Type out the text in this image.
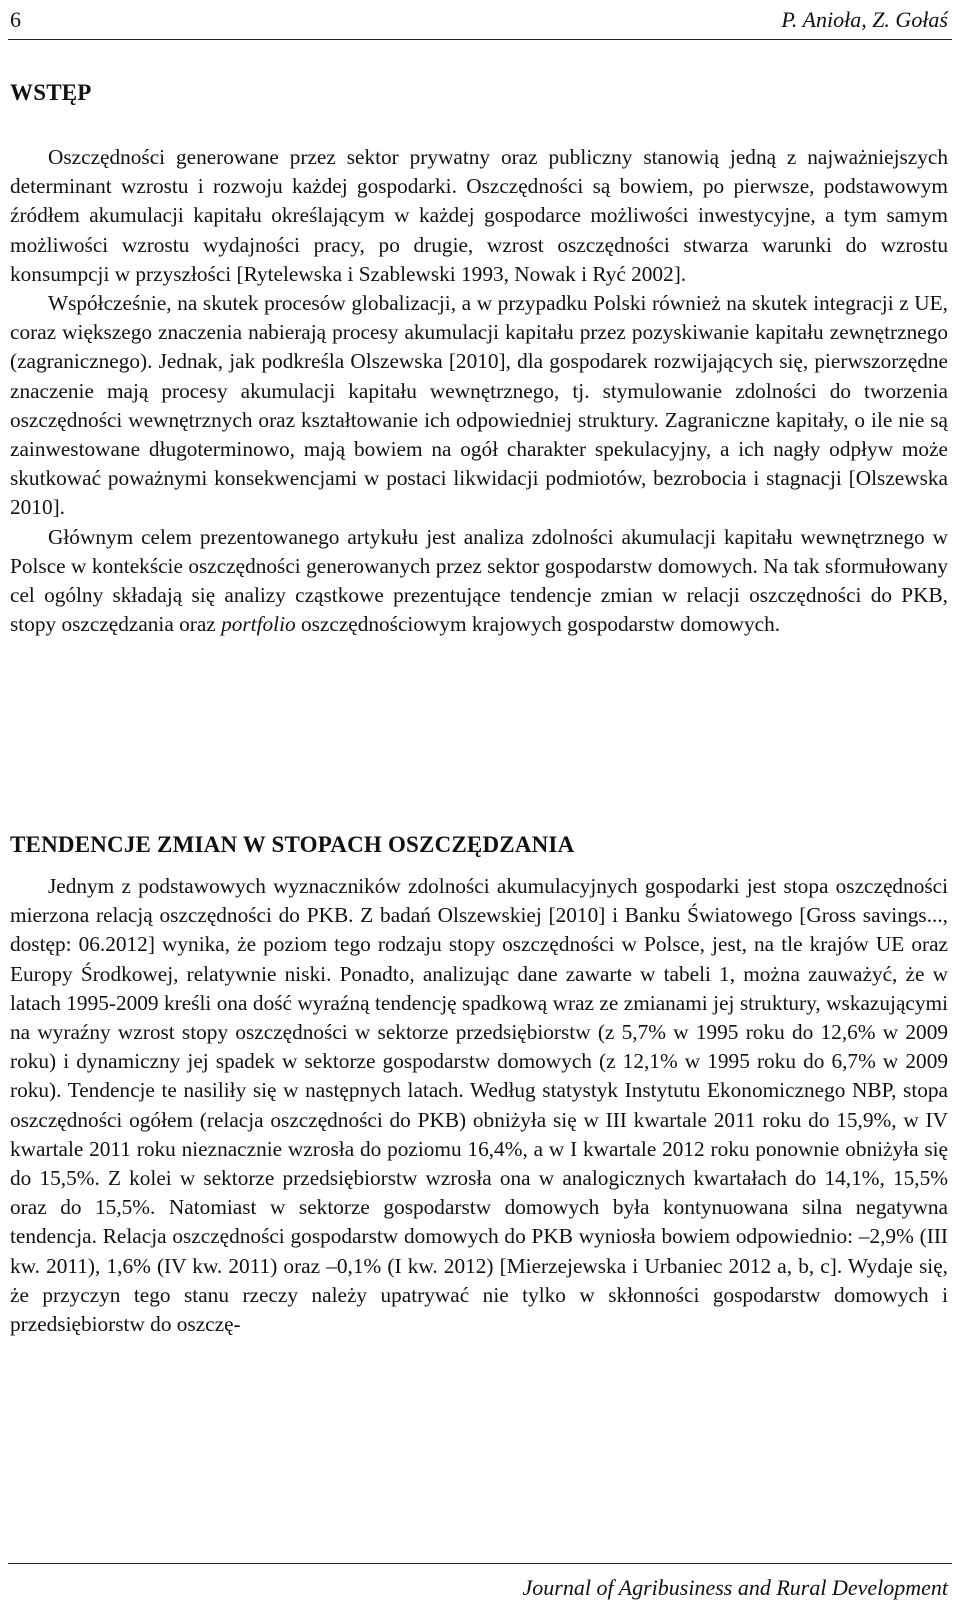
6	P. Anioła, Z. Gołaś
WSTĘP

Oszczędności generowane przez sektor prywatny oraz publiczny stanowią jedną z najważniejszych determinant wzrostu i rozwoju każdej gospodarki. Oszczędności są bowiem, po pierwsze, podstawowym źródłem akumulacji kapitału określającym w każdej gospodarce możliwości inwestycyjne, a tym samym możliwości wzrostu wydajności pracy, po drugie, wzrost oszczędności stwarza warunki do wzrostu konsumpcji w przyszłości [Rytelewska i Szablewski 1993, Nowak i Ryć 2002].

Współcześnie, na skutek procesów globalizacji, a w przypadku Polski również na skutek integracji z UE, coraz większego znaczenia nabierają procesy akumulacji kapitału przez pozyskiwanie kapitału zewnętrznego (zagranicznego). Jednak, jak podkreśla Olszewska [2010], dla gospodarek rozwijających się, pierwszorzędne znaczenie mają procesy akumulacji kapitału wewnętrznego, tj. stymulowanie zdolności do tworzenia oszczędności wewnętrznych oraz kształtowanie ich odpowiedniej struktury. Zagraniczne kapitały, o ile nie są zainwestowane długoterminowo, mają bowiem na ogół charakter spekulacyjny, a ich nagły odpływ może skutkować poważnymi konsekwencjami w postaci likwidacji podmiotów, bezrobocia i stagnacji [Olszewska 2010].

Głównym celem prezentowanego artykułu jest analiza zdolności akumulacji kapitału wewnętrznego w Polsce w kontekście oszczędności generowanych przez sektor gospodarstw domowych. Na tak sformułowany cel ogólny składają się analizy cząstkowe prezentujące tendencje zmian w relacji oszczędności do PKB, stopy oszczędzania oraz portfolio oszczędnościowym krajowych gospodarstw domowych.

TENDENCJE ZMIAN W STOPACH OSZCZĘDZANIA

Jednym z podstawowych wyznaczników zdolności akumulacyjnych gospodarki jest stopa oszczędności mierzona relacją oszczędności do PKB. Z badań Olszewskiej [2010] i Banku Światowego [Gross savings..., dostęp: 06.2012] wynika, że poziom tego rodzaju stopy oszczędności w Polsce, jest, na tle krajów UE oraz Europy Środkowej, relatywnie niski. Ponadto, analizując dane zawarte w tabeli 1, można zauważyć, że w latach 1995-2009 kreśli ona dość wyraźną tendencję spadkową wraz ze zmianami jej struktury, wskazującymi na wyraźny wzrost stopy oszczędności w sektorze przedsiębiorstw (z 5,7% w 1995 roku do 12,6% w 2009 roku) i dynamiczny jej spadek w sektorze gospodarstw domowych (z 12,1% w 1995 roku do 6,7% w 2009 roku). Tendencje te nasiliły się w następnych latach. Według statystyk Instytutu Ekonomicznego NBP, stopa oszczędności ogółem (relacja oszczędności do PKB) obniżyła się w III kwartale 2011 roku do 15,9%, w IV kwartale 2011 roku nieznacznie wzrosła do poziomu 16,4%, a w I kwartale 2012 roku ponownie obniżyła się do 15,5%. Z kolei w sektorze przedsiębiorstw wzrosła ona w analogicznych kwartałach do 14,1%, 15,5% oraz do 15,5%. Natomiast w sektorze gospodarstw domowych była kontynuowana silna negatywna tendencja. Relacja oszczędności gospodarstw domowych do PKB wyniosła bowiem odpowiednio: –2,9% (III kw. 2011), 1,6% (IV kw. 2011) oraz –0,1% (I kw. 2012) [Mierzejewska i Urbaniec 2012 a, b, c]. Wydaje się, że przyczyn tego stanu rzeczy należy upatrywać nie tylko w skłonności gospodarstw domowych i przedsiębiorstw do oszczę-

Journal of Agribusiness and Rural Development
